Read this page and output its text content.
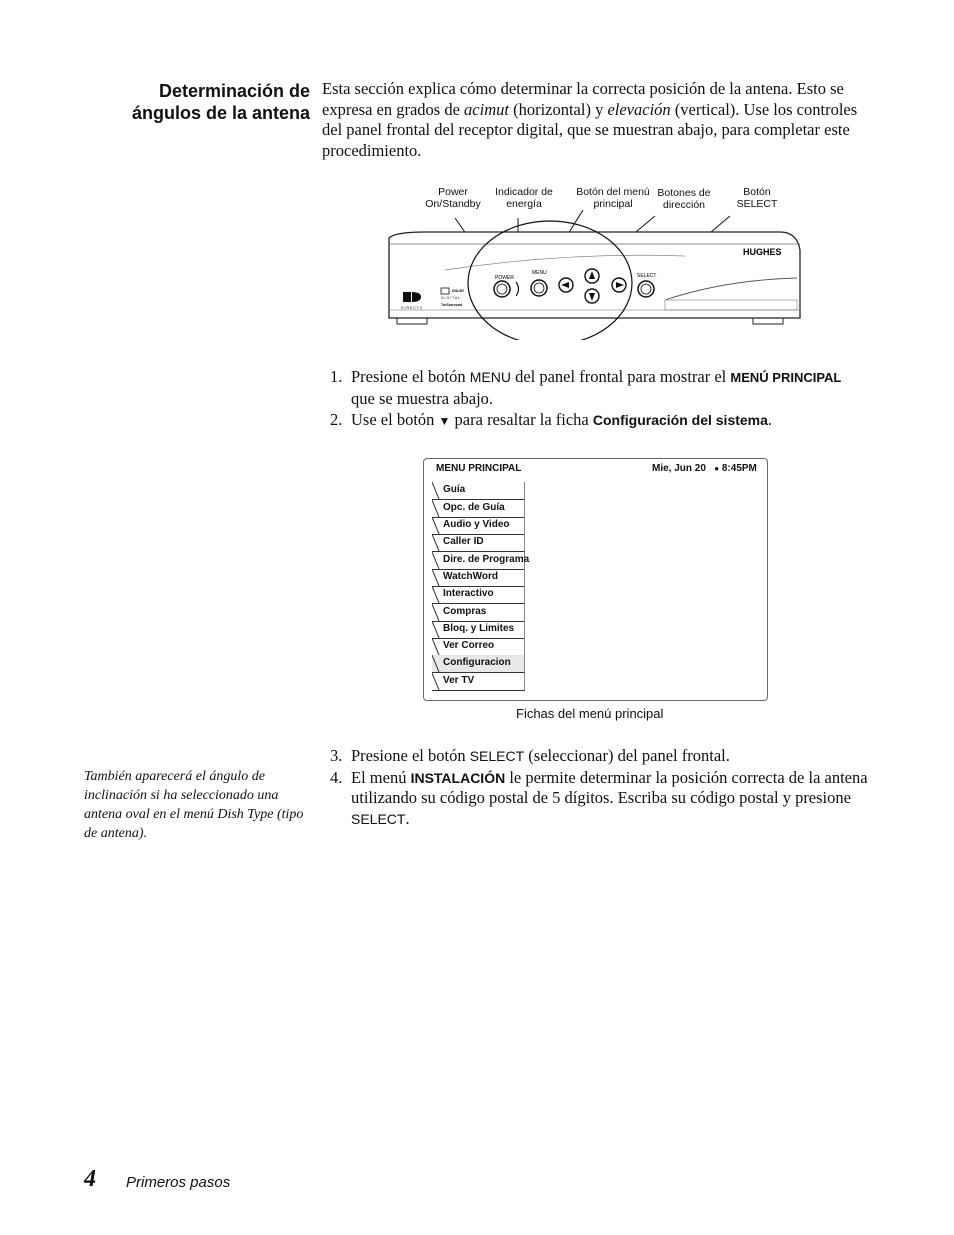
Determinación de
ángulos de la antena
Esta sección explica cómo determinar la correcta posición de la antena. Esto se expresa en grados de acimut (horizontal) y elevación (vertical). Use los controles del panel frontal del receptor digital, que se muestran abajo, para completar este procedimiento.
Power On/Standby
Indicador de energía
Botón del menú principal
Botones de dirección
Botón SELECT
POWER
MENU	SELECT
D I R E C T V
DOLBY
D I G I T A L
TruSurround
HUGHES
1. Presione el botón MENU del panel frontal para mostrar el MENÚ PRINCIPAL
que se muestra abajo.
2. Use el botón ▼ para resaltar la ficha Configuración del sistema.
MENU PRINCIPAL	Mie, Jun 20 ● 8:45PM
Guía
Opc. de Guía
Audio y Video
Caller ID
Dire. de Programa
WatchWord
Interactivo
Compras
Bloq. y Limites
Ver Correo
Configuracion
Ver TV
Fichas del menú principal
3. Presione el botón SELECT (seleccionar) del panel frontal.
4. El menú INSTALACIÓN le permite determinar la posición correcta de la antena utilizando su código postal de 5 dígitos. Escriba su código postal y presione SELECT.
También aparecerá el ángulo de inclinación si ha seleccionado una antena oval en el menú Dish Type (tipo de antena).
4 Primeros pasos
